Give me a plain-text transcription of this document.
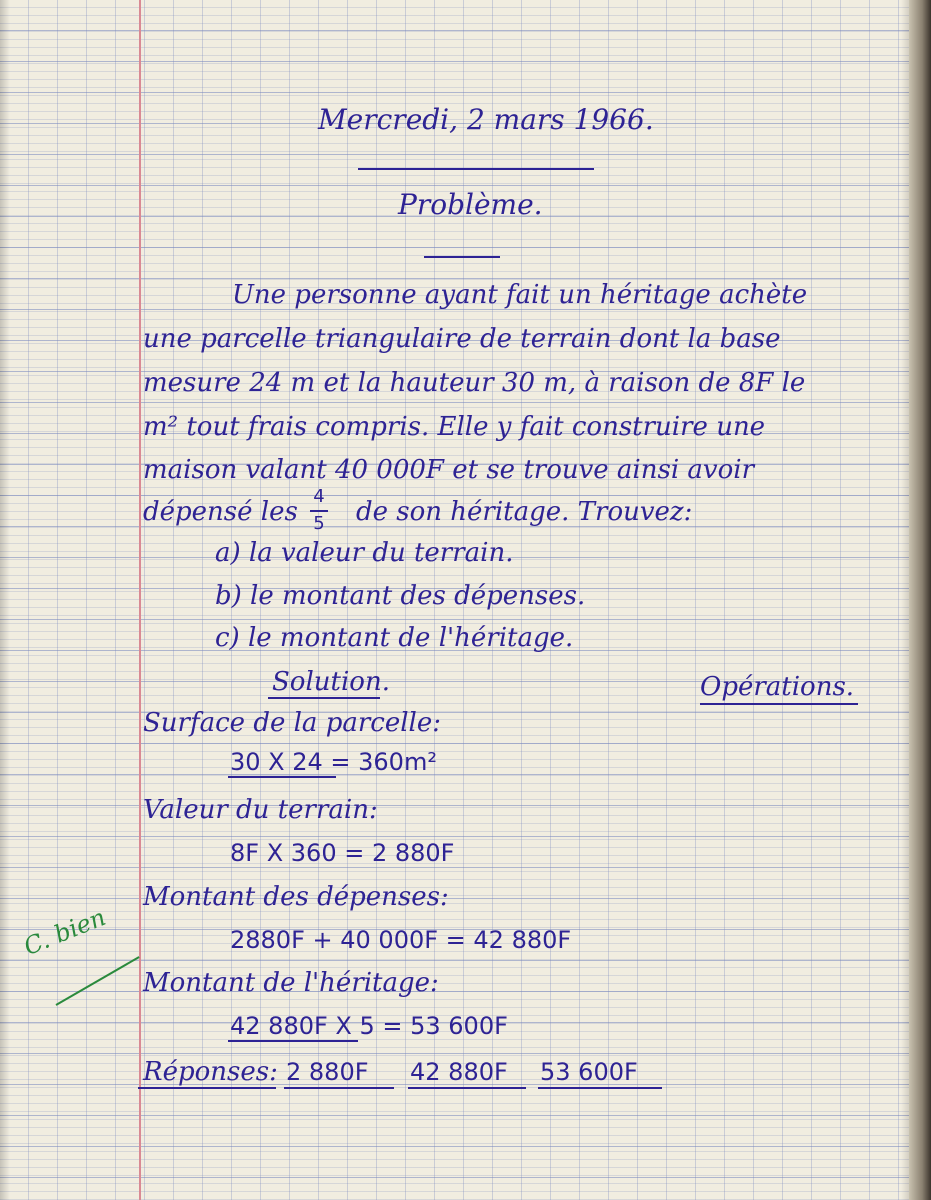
Mercredi, 2 mars 1966.
Problème.
Une personne ayant fait un héritage achète
une parcelle triangulaire de terrain dont la base
mesure 24 m et la hauteur 30 m, à raison de 8F le
m² tout frais compris. Elle y fait construire une
maison valant 40 000F et se trouve ainsi avoir
dépensé les
4
5 de son héritage. Trouvez:
a) la valeur du terrain.
b) le montant des dépenses.
c) le montant de l'héritage.
Solution.	Opérations.
Surface de la parcelle:
30 X 24 = 360m²
Valeur du terrain:
8F X 360 = 2 880F
Montant des dépenses:
2880F + 40 000F = 42 880F
Montant de l'héritage:
42 880F X 5 = 53 600F
Réponses: 2 880F 42 880F 53 600F
C. bien
